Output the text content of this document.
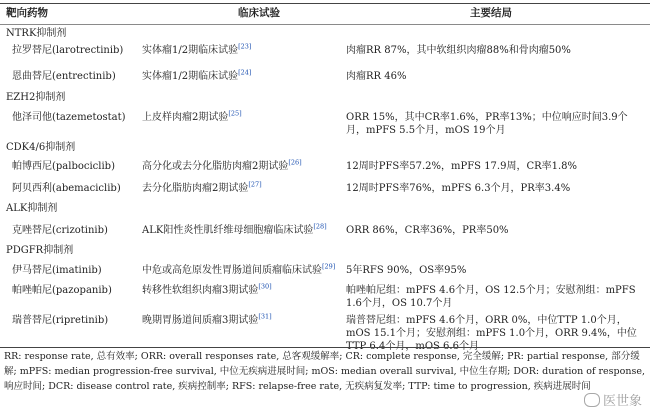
靶向药物	临床试验	主要结局
NTRK抑制剂
拉罗替尼(larotrectinib)	实体瘤1/2期临床试验[23]	肉瘤RR 87%，其中软组织肉瘤88%和骨肉瘤50%
恩曲替尼(entrectinib)	实体瘤1/2期临床试验[24]	肉瘤RR 46%
EZH2抑制剂
他泽司他(tazemetostat)	上皮样肉瘤2期试验[25]	ORR 15%，其中CR率1.6%，PR率13%；中位响应时间3.9个月，mPFS 5.5个月，mOS 19个月
CDK4/6抑制剂
帕博西尼(palbociclib)	高分化或去分化脂肪肉瘤2期试验[26]	12周时PFS率57.2%，mPFS 17.9周，CR率1.8%
阿贝西利(abemaciclib)	去分化脂肪肉瘤2期试验[27]	12周时PFS率76%，mPFS 6.3个月，PR率3.4%
ALK抑制剂
克唑替尼(crizotinib)	ALK阳性炎性肌纤维母细胞瘤临床试验[28]	ORR 86%，CR率36%，PR率50%
PDGFR抑制剂
伊马替尼(imatinib)	中危或高危原发性胃肠道间质瘤临床试验[29]	5年RFS 90%，OS率95%
帕唑帕尼(pazopanib)	转移性软组织肉瘤3期试验[30]	帕唑帕尼组：mPFS 4.6个月，OS 12.5个月；安慰剂组：mPFS 1.6个月，OS 10.7个月
瑞普替尼(ripretinib)	晚期胃肠道间质瘤3期试验[31]	瑞普替尼组：mPFS 4.6个月，ORR 0%，中位TTP 1.0个月，mOS 15.1个月；安慰剂组：mPFS 1.0个月，ORR 9.4%，中位
RR: response rate, 总有效率; ORR: overall responses rate, 总客观缓解率; CR: complete response, 完全缓解; PR: partial response, 部分缓解; mPFS: median progression-free survival, 中位无疾病进展时间; mOS: median overall survival, 中位生存期; DOR: duration of response, 响应时间; DCR: disease control rate, 疾病控制率; RFS: relapse-free rate, 无疾病复发率; TTP: time to progression, 疾病进展时间
医世象
